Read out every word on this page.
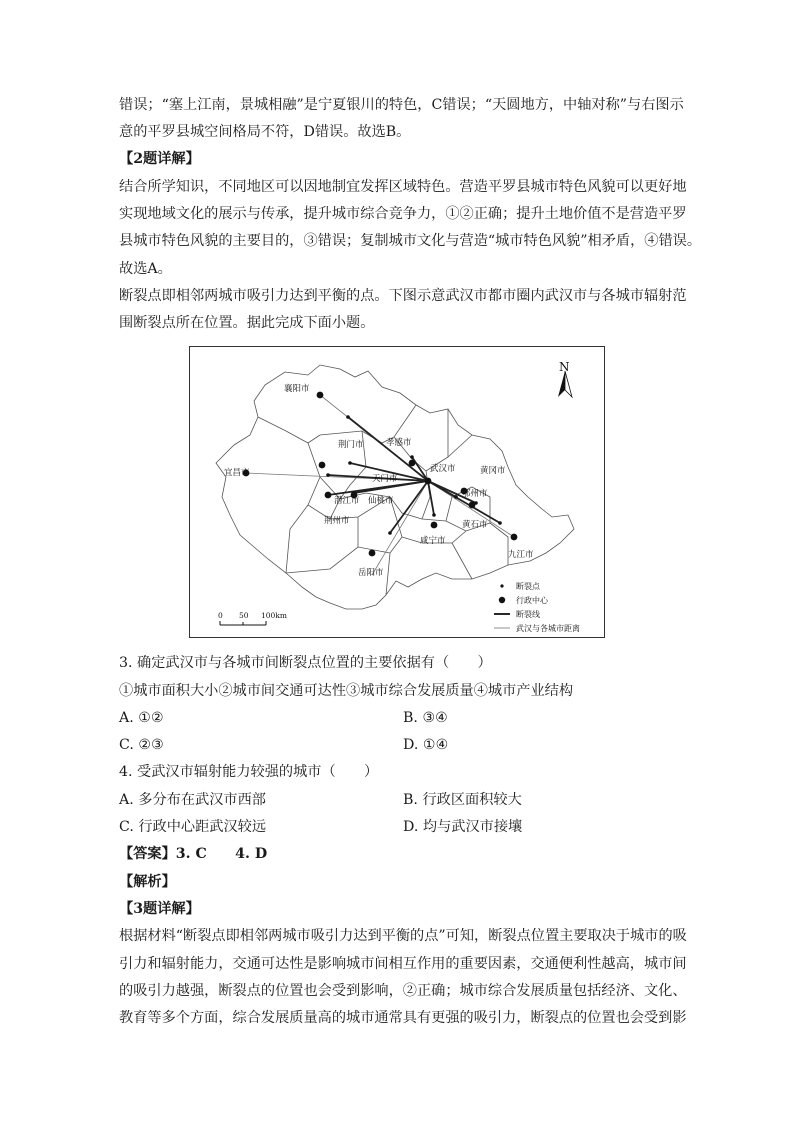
错误；“塞上江南，景城相融”是宁夏银川的特色，C错误；“天圆地方，中轴对称”与右图示
意的平罗县城空间格局不符，D错误。故选B。
【2题详解】
结合所学知识，不同地区可以因地制宜发挥区域特色。营造平罗县城市特色风貌可以更好地
实现地域文化的展示与传承，提升城市综合竞争力，①②正确；提升土地价值不是营造平罗
县城市特色风貌的主要目的，③错误；复制城市文化与营造“城市特色风貌”相矛盾，④错误。
故选A。
断裂点即相邻两城市吸引力达到平衡的点。下图示意武汉市都市圈内武汉市与各城市辐射范
围断裂点所在位置。据此完成下面小题。
襄阳市
荆门市	孝感市
武汉市	黄冈市
宜昌市
天门市
鄂州市
潜江市 仙桃市
黄石市
荆州市
咸宁市
九江市
岳阳市
N
0 50 100km
断裂点
行政中心
断裂线
武汉与各城市距离
3. 确定武汉市与各城市间断裂点位置的主要依据有（　　）
①城市面积大小②城市间交通可达性③城市综合发展质量④城市产业结构
A. ①②	B. ③④
C. ②③	D. ①④
4. 受武汉市辐射能力较强的城市（　　）
A. 多分布在武汉市西部	B. 行政区面积较大
C. 行政中心距武汉较远	D. 均与武汉市接壤
【答案】3. C　　4. D
【解析】
【3题详解】
根据材料“断裂点即相邻两城市吸引力达到平衡的点”可知，断裂点位置主要取决于城市的吸
引力和辐射能力，交通可达性是影响城市间相互作用的重要因素，交通便利性越高，城市间
的吸引力越强，断裂点的位置也会受到影响，②正确；城市综合发展质量包括经济、文化、
教育等多个方面，综合发展质量高的城市通常具有更强的吸引力，断裂点的位置也会受到影
